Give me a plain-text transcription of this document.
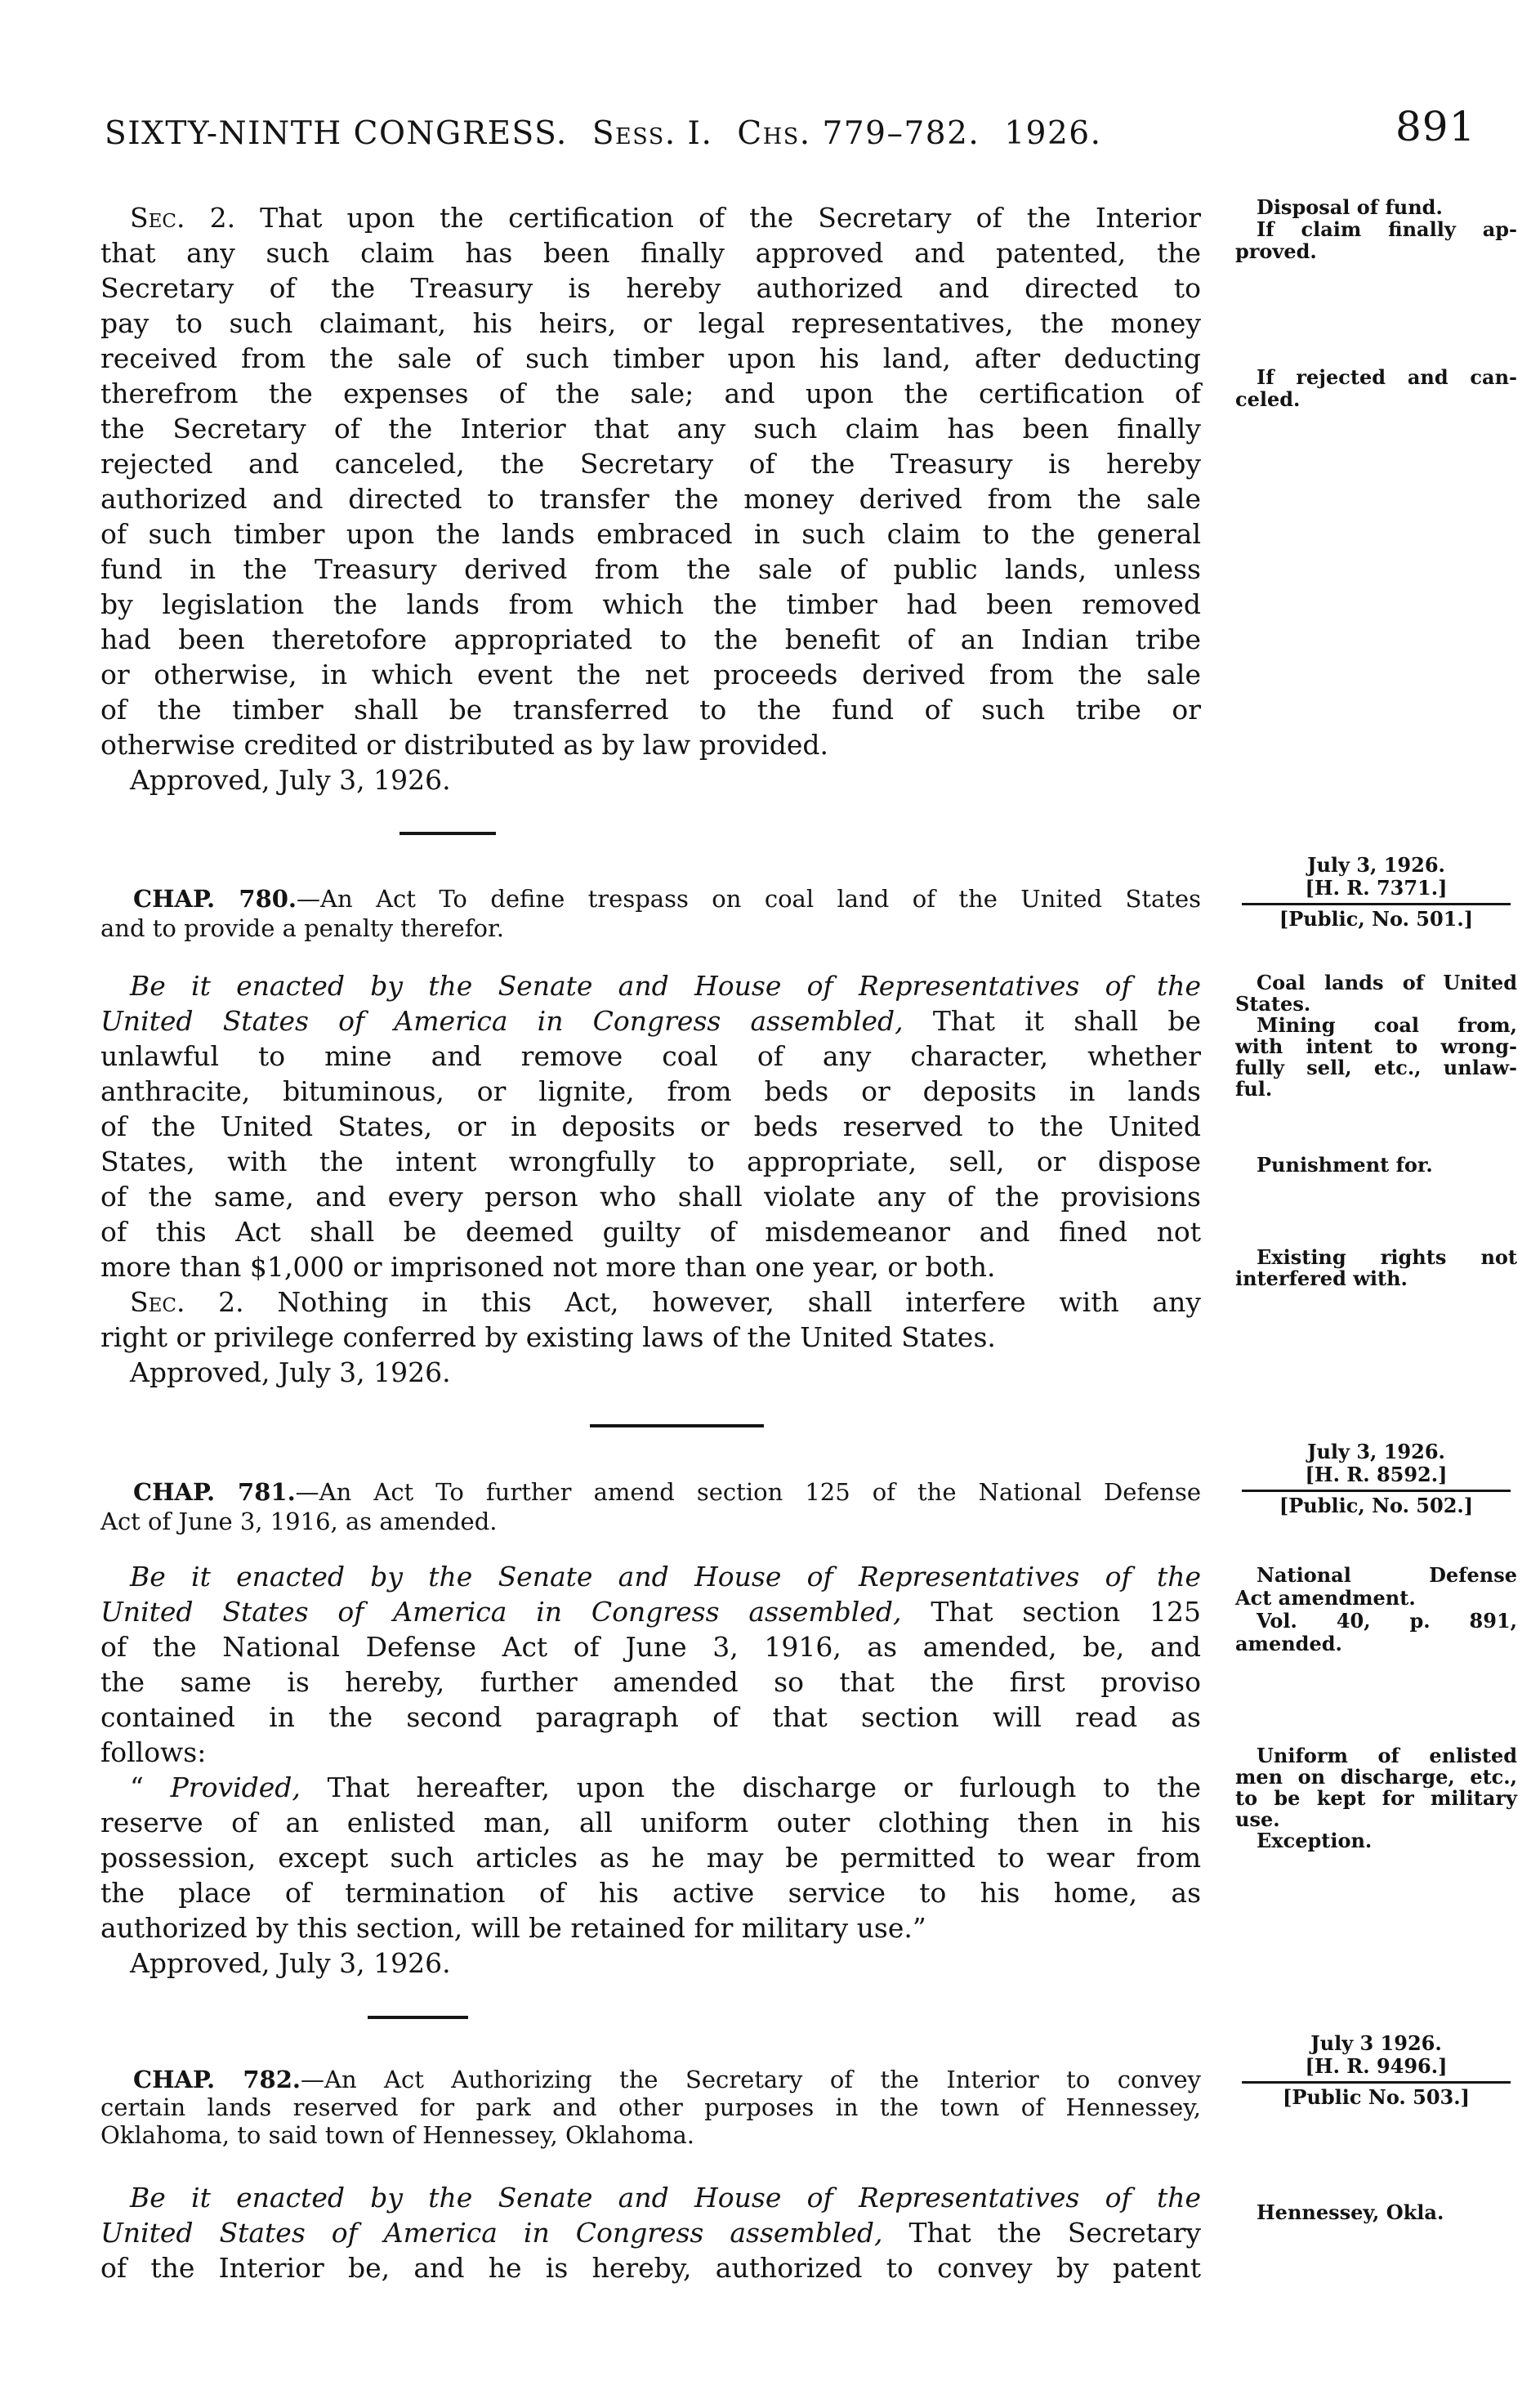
SIXTY-NINTH CONGRESS. Sess. I. Chs. 779–782. 1926.	891
Sec. 2. That upon the certification of the Secretary of the Interior
that any such claim has been finally approved and patented, the
Secretary of the Treasury is hereby authorized and directed to
pay to such claimant, his heirs, or legal representatives, the money
received from the sale of such timber upon his land, after deducting
therefrom the expenses of the sale; and upon the certification of
the Secretary of the Interior that any such claim has been finally
rejected and canceled, the Secretary of the Treasury is hereby
authorized and directed to transfer the money derived from the sale
of such timber upon the lands embraced in such claim to the general
fund in the Treasury derived from the sale of public lands, unless
by legislation the lands from which the timber had been removed
had been theretofore appropriated to the benefit of an Indian tribe
or otherwise, in which event the net proceeds derived from the sale
of the timber shall be transferred to the fund of such tribe or
otherwise credited or distributed as by law provided.
Approved, July 3, 1926.
CHAP. 780.—An Act To define trespass on coal land of the United States
and to provide a penalty therefor.
Be it enacted by the Senate and House of Representatives of the
United States of America in Congress assembled, That it shall be
unlawful to mine and remove coal of any character, whether
anthracite, bituminous, or lignite, from beds or deposits in lands
of the United States, or in deposits or beds reserved to the United
States, with the intent wrongfully to appropriate, sell, or dispose
of the same, and every person who shall violate any of the provisions
of this Act shall be deemed guilty of misdemeanor and fined not
more than $1,000 or imprisoned not more than one year, or both.
Sec. 2. Nothing in this Act, however, shall interfere with any
right or privilege conferred by existing laws of the United States.
Approved, July 3, 1926.
CHAP. 781.—An Act To further amend section 125 of the National Defense
Act of June 3, 1916, as amended.
Be it enacted by the Senate and House of Representatives of the
United States of America in Congress assembled, That section 125
of the National Defense Act of June 3, 1916, as amended, be, and
the same is hereby, further amended so that the first proviso
contained in the second paragraph of that section will read as
follows:
“ Provided, That hereafter, upon the discharge or furlough to the
reserve of an enlisted man, all uniform outer clothing then in his
possession, except such articles as he may be permitted to wear from
the place of termination of his active service to his home, as
authorized by this section, will be retained for military use.”
Approved, July 3, 1926.
CHAP. 782.—An Act Authorizing the Secretary of the Interior to convey
certain lands reserved for park and other purposes in the town of Hennessey,
Oklahoma, to said town of Hennessey, Oklahoma.
Be it enacted by the Senate and House of Representatives of the
United States of America in Congress assembled, That the Secretary
of the Interior be, and he is hereby, authorized to convey by patent
Disposal of fund.
If claim finally ap-
proved.
If rejected and can-
celed.
July 3, 1926.
[H. R. 7371.]
[Public, No. 501.]
Coal lands of United
States.
Mining coal from,
with intent to wrong-
fully sell, etc., unlaw-
ful.
Punishment for.
Existing rights not
interfered with.
July 3, 1926.
[H. R. 8592.]
[Public, No. 502.]
National Defense
Act amendment.
Vol. 40, p. 891,
amended.
Uniform of enlisted
men on discharge, etc.,
to be kept for military
use.
Exception.
July 3 1926.
[H. R. 9496.]
[Public No. 503.]
Hennessey, Okla.
